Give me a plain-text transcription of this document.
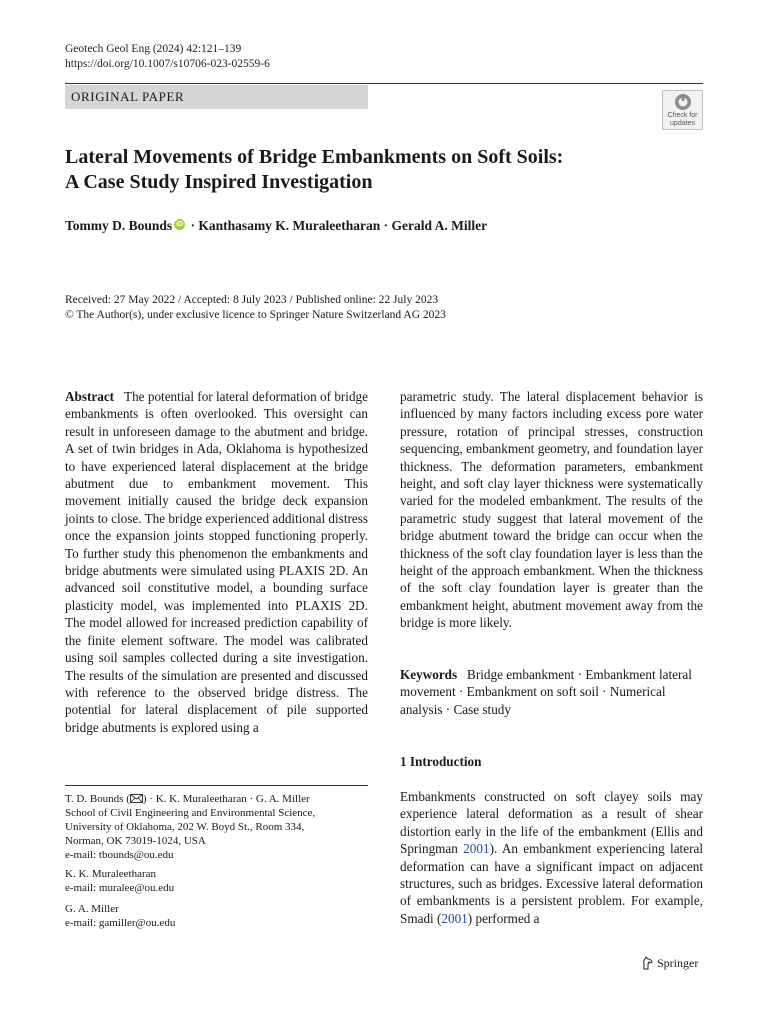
Geotech Geol Eng (2024) 42:121–139
https://doi.org/10.1007/s10706-023-02559-6
ORIGINAL PAPER
Check for
updates
Lateral Movements of Bridge Embankments on Soft Soils:
A Case Study Inspired Investigation
Tommy D. Bounds iD · Kanthasamy K. Muraleetharan · Gerald A. Miller
Received: 27 May 2022 / Accepted: 8 July 2023 / Published online: 22 July 2023
© The Author(s), under exclusive licence to Springer Nature Switzerland AG 2023

Abstract The potential for lateral deformation of bridge embankments is often overlooked. This oversight can result in unforeseen damage to the abutment and bridge. A set of twin bridges in Ada, Oklahoma is hypothesized to have experienced lateral displacement at the bridge abutment due to embankment movement. This movement initially caused the bridge deck expansion joints to close. The bridge experienced additional distress once the expansion joints stopped functioning properly. To further study this phenomenon the embankments and bridge abutments were simulated using PLAXIS 2D. An advanced soil constitutive model, a bounding surface plasticity model, was implemented into PLAXIS 2D. The model allowed for increased prediction capability of the finite element software. The model was calibrated using soil samples collected during a site investigation. The results of the simulation are presented and discussed with reference to the observed bridge distress. The potential for lateral displacement of pile supported bridge abutments is explored using a

parametric study. The lateral displacement behavior is influenced by many factors including excess pore water pressure, rotation of principal stresses, construction sequencing, embankment geometry, and foundation layer thickness. The deformation parameters, embankment height, and soft clay layer thickness were systematically varied for the modeled embankment. The results of the parametric study suggest that lateral movement of the bridge abutment toward the bridge can occur when the thickness of the soft clay foundation layer is less than the height of the approach embankment. When the thickness of the soft clay foundation layer is greater than the embankment height, abutment movement away from the bridge is more likely.

Keywords Bridge embankment · Embankment lateral movement · Embankment on soft soil · Numerical analysis · Case study
1 Introduction
Embankments constructed on soft clayey soils may experience lateral deformation as a result of shear distortion early in the life of the embankment (Ellis and Springman 2001). An embankment experiencing lateral deformation can have a significant impact on adjacent structures, such as bridges. Excessive lateral deformation of embankments is a persistent problem. For example, Smadi (2001) performed a
T. D. Bounds ( ) · K. K. Muraleetharan · G. A. Miller
School of Civil Engineering and Environmental Science,
University of Oklahoma, 202 W. Boyd St., Room 334,
Norman, OK 73019-1024, USA
e-mail: tbounds@ou.edu
K. K. Muraleetharan
e-mail: muralee@ou.edu
G. A. Miller
e-mail: gamiller@ou.edu
Springer
